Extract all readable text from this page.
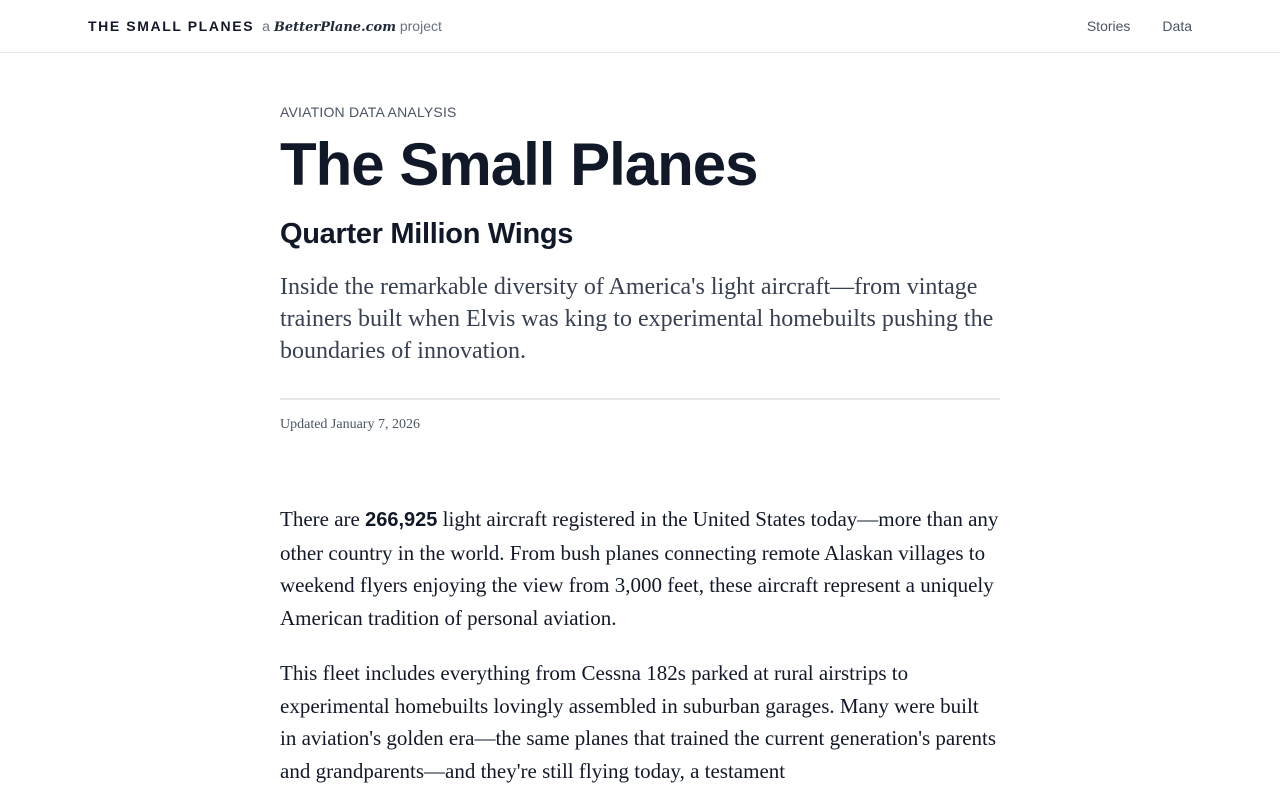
THE SMALL PLANES a BetterPlane.com project	Stories Data
AVIATION DATA ANALYSIS
The Small Planes
Quarter Million Wings

Inside the remarkable diversity of America's light aircraft—from vintage trainers built when Elvis was king to experimental homebuilts pushing the boundaries of innovation.

Updated January 7, 2026

There are 266,925 light aircraft registered in the United States today—more than any other country in the world. From bush planes connecting remote Alaskan villages to weekend flyers enjoying the view from 3,000 feet, these aircraft represent a uniquely American tradition of personal aviation.

This fleet includes everything from Cessna 182s parked at rural airstrips to experimental homebuilts lovingly assembled in suburban garages. Many were built in aviation's golden era—the same planes that trained the current generation's parents and grandparents—and they're still flying today, a testament
